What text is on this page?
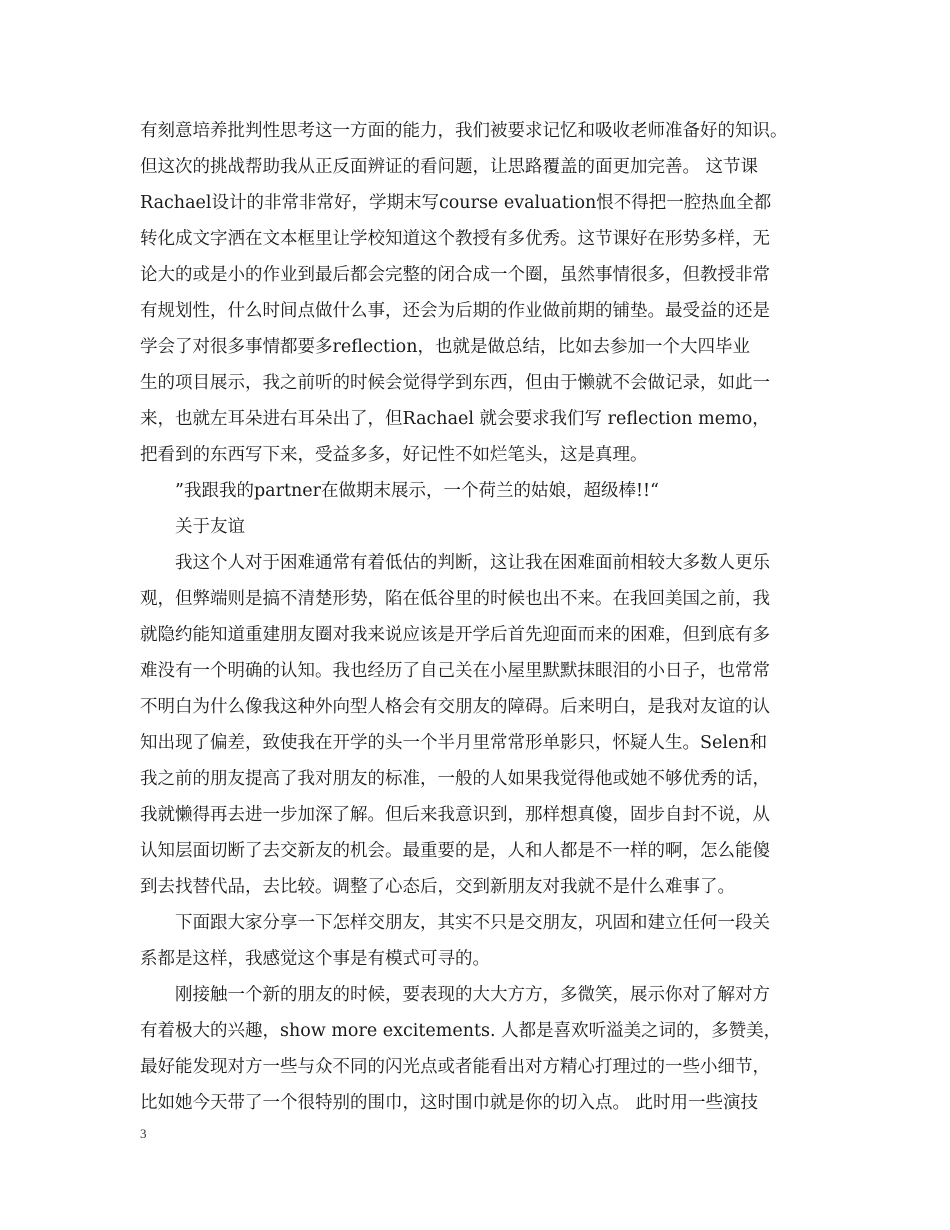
有刻意培养批判性思考这一方面的能力，我们被要求记忆和吸收老师准备好的知识。
但这次的挑战帮助我从正反面辨证的看问题，让思路覆盖的面更加完善。 这节课
Rachael设计的非常非常好，学期末写course evaluation恨不得把一腔热血全都
转化成文字洒在文本框里让学校知道这个教授有多优秀。这节课好在形势多样，无
论大的或是小的作业到最后都会完整的闭合成一个圈，虽然事情很多，但教授非常
有规划性，什么时间点做什么事，还会为后期的作业做前期的铺垫。最受益的还是
学会了对很多事情都要多reflection，也就是做总结，比如去参加一个大四毕业
生的项目展示，我之前听的时候会觉得学到东西，但由于懒就不会做记录，如此一
来，也就左耳朵进右耳朵出了，但Rachael 就会要求我们写 reflection memo，
把看到的东西写下来，受益多多，好记性不如烂笔头，这是真理。
　　”我跟我的partner在做期末展示，一个荷兰的姑娘，超级棒!!“
　　关于友谊
　　我这个人对于困难通常有着低估的判断，这让我在困难面前相较大多数人更乐
观，但弊端则是搞不清楚形势，陷在低谷里的时候也出不来。在我回美国之前，我
就隐约能知道重建朋友圈对我来说应该是开学后首先迎面而来的困难，但到底有多
难没有一个明确的认知。我也经历了自己关在小屋里默默抹眼泪的小日子，也常常
不明白为什么像我这种外向型人格会有交朋友的障碍。后来明白，是我对友谊的认
知出现了偏差，致使我在开学的头一个半月里常常形单影只，怀疑人生。Selen和
我之前的朋友提高了我对朋友的标准，一般的人如果我觉得他或她不够优秀的话，
我就懒得再去进一步加深了解。但后来我意识到，那样想真傻，固步自封不说，从
认知层面切断了去交新友的机会。最重要的是，人和人都是不一样的啊，怎么能傻
到去找替代品，去比较。调整了心态后，交到新朋友对我就不是什么难事了。
　　下面跟大家分享一下怎样交朋友，其实不只是交朋友，巩固和建立任何一段关
系都是这样，我感觉这个事是有模式可寻的。
　　刚接触一个新的朋友的时候，要表现的大大方方，多微笑，展示你对了解对方
有着极大的兴趣，show more excitements. 人都是喜欢听溢美之词的，多赞美，
最好能发现对方一些与众不同的闪光点或者能看出对方精心打理过的一些小细节，
比如她今天带了一个很特别的围巾，这时围巾就是你的切入点。 此时用一些演技
3
